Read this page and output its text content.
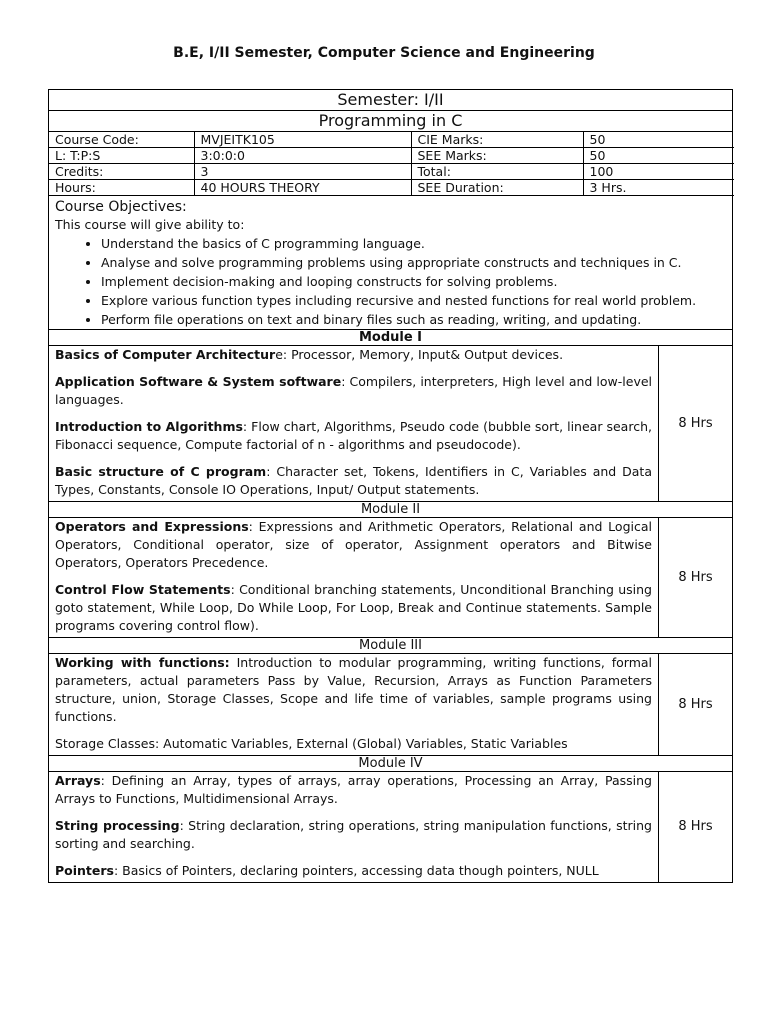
B.E, I/II Semester, Computer Science and Engineering
Semester: I/II
Programming in C
Course Code:	MVJEITK105	CIE Marks:	50
L: T:P:S	3:0:0:0	SEE Marks:	50
Credits:	3	Total:	100
Hours:	40 HOURS THEORY	SEE Duration:	3 Hrs.
Course Objectives:
This course will give ability to:
• Understand the basics of C programming language.
• Analyse and solve programming problems using appropriate constructs and techniques in C.
• Implement decision-making and looping constructs for solving problems.
• Explore various function types including recursive and nested functions for real world problem.
• Perform file operations on text and binary files such as reading, writing, and updating.
Module I

Basics of Computer Architecture: Processor, Memory, Input& Output devices.

Application Software & System software: Compilers, interpreters, High level and low-level languages.

Introduction to Algorithms: Flow chart, Algorithms, Pseudo code (bubble sort, linear search, Fibonacci sequence, Compute factorial of n - algorithms and pseudocode).

Basic structure of C program: Character set, Tokens, Identifiers in C, Variables and Data Types, Constants, Console IO Operations, Input/ Output statements.

8 Hrs
Module II

Operators and Expressions: Expressions and Arithmetic Operators, Relational and Logical Operators, Conditional operator, size of operator, Assignment operators and Bitwise Operators, Operators Precedence.

Control Flow Statements: Conditional branching statements, Unconditional Branching using goto statement, While Loop, Do While Loop, For Loop, Break and Continue statements. Sample programs covering control flow).

8 Hrs
Module III

Working with functions: Introduction to modular programming, writing functions, formal parameters, actual parameters Pass by Value, Recursion, Arrays as Function Parameters structure, union, Storage Classes, Scope and life time of variables, sample programs using functions.

Storage Classes: Automatic Variables, External (Global) Variables, Static Variables

8 Hrs
Module IV

Arrays: Defining an Array, types of arrays, array operations, Processing an Array, Passing Arrays to Functions, Multidimensional Arrays.

String processing: String declaration, string operations, string manipulation functions, string sorting and searching.

Pointers: Basics of Pointers, declaring pointers, accessing data though pointers, NULL

8 Hrs
